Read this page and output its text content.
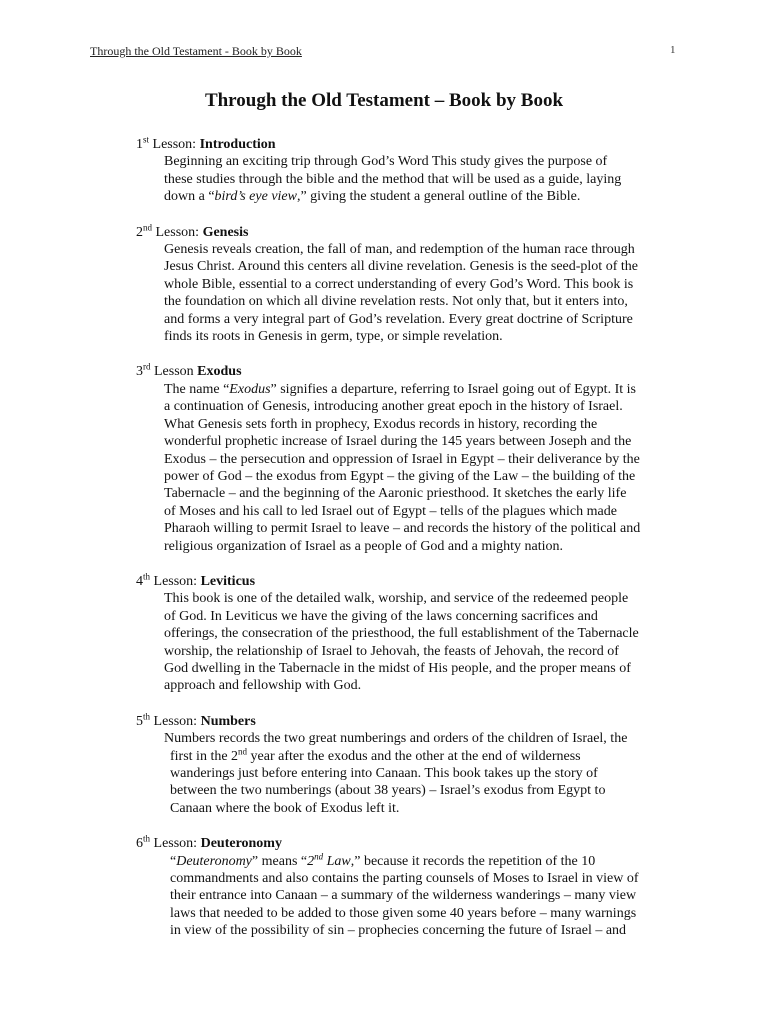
Through the Old Testament - Book by Book	1
Through the Old Testament – Book by Book
1st Lesson: Introduction
Beginning an exciting trip through God’s Word This study gives the purpose of
these studies through the bible and the method that will be used as a guide, laying
down a “bird’s eye view,” giving the student a general outline of the Bible.
2nd Lesson: Genesis
Genesis reveals creation, the fall of man, and redemption of the human race through
Jesus Christ. Around this centers all divine revelation. Genesis is the seed-plot of the
whole Bible, essential to a correct understanding of every God’s Word. This book is
the foundation on which all divine revelation rests. Not only that, but it enters into,
and forms a very integral part of God’s revelation. Every great doctrine of Scripture
finds its roots in Genesis in germ, type, or simple revelation.
3rd Lesson Exodus
The name “Exodus” signifies a departure, referring to Israel going out of Egypt. It is
a continuation of Genesis, introducing another great epoch in the history of Israel.
What Genesis sets forth in prophecy, Exodus records in history, recording the
wonderful prophetic increase of Israel during the 145 years between Joseph and the
Exodus – the persecution and oppression of Israel in Egypt – their deliverance by the
power of God – the exodus from Egypt – the giving of the Law – the building of the
Tabernacle – and the beginning of the Aaronic priesthood. It sketches the early life
of Moses and his call to led Israel out of Egypt – tells of the plagues which made
Pharaoh willing to permit Israel to leave – and records the history of the political and
religious organization of Israel as a people of God and a mighty nation.
4th Lesson: Leviticus
This book is one of the detailed walk, worship, and service of the redeemed people
of God. In Leviticus we have the giving of the laws concerning sacrifices and
offerings, the consecration of the priesthood, the full establishment of the Tabernacle
worship, the relationship of Israel to Jehovah, the feasts of Jehovah, the record of
God dwelling in the Tabernacle in the midst of His people, and the proper means of
approach and fellowship with God.
5th Lesson: Numbers
Numbers records the two great numberings and orders of the children of Israel, the
first in the 2nd year after the exodus and the other at the end of wilderness
wanderings just before entering into Canaan. This book takes up the story of
between the two numberings (about 38 years) – Israel’s exodus from Egypt to
Canaan where the book of Exodus left it.
6th Lesson: Deuteronomy
“Deuteronomy” means “2nd Law,” because it records the repetition of the 10
commandments and also contains the parting counsels of Moses to Israel in view of
their entrance into Canaan – a summary of the wilderness wanderings – many view
laws that needed to be added to those given some 40 years before – many warnings
in view of the possibility of sin – prophecies concerning the future of Israel – and
